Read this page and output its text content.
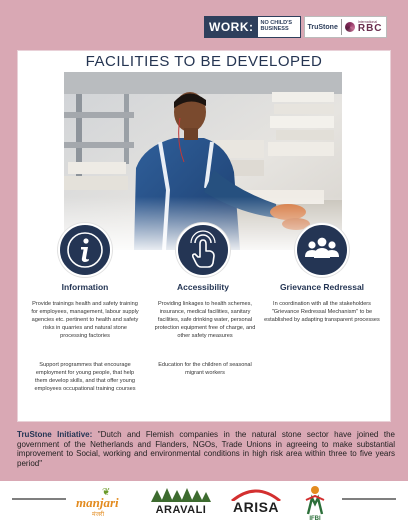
WORK:	NO CHILD'S BUSINESS	TruStone
International
RBC
FACILITIES TO BE DEVELOPED
Information	Accessibility	Grievance Redressal

Provide trainings health and safety training for employees, management, labour supply agencies etc. pertinent to health and safety risks in quarries and natural stone processing factories

Support programmes that encourage employment for young people, that help them develop skills, and that offer young employees occupational training courses

Providing linkages to health schemes, insurance, medical facilities, sanitary facilities, safe drinking water, personal protection equipment free of charge, and other safety measures

Education for the children of seasonal migrant workers

In coordination with all the stakeholders "Grievance Redressal Mechanism" to be established by adapting transparent processes

TruStone Initiative: "Dutch and Flemish companies in the natural stone sector have joined the government of the Netherlands and Flanders, NGOs, Trade Unions in agreeing to make substantial improvement to Social, working and environmental conditions in high risk area within three to five years period"

❦
manjari
मंजरी	ARAVALI	ARISA
IFBI
